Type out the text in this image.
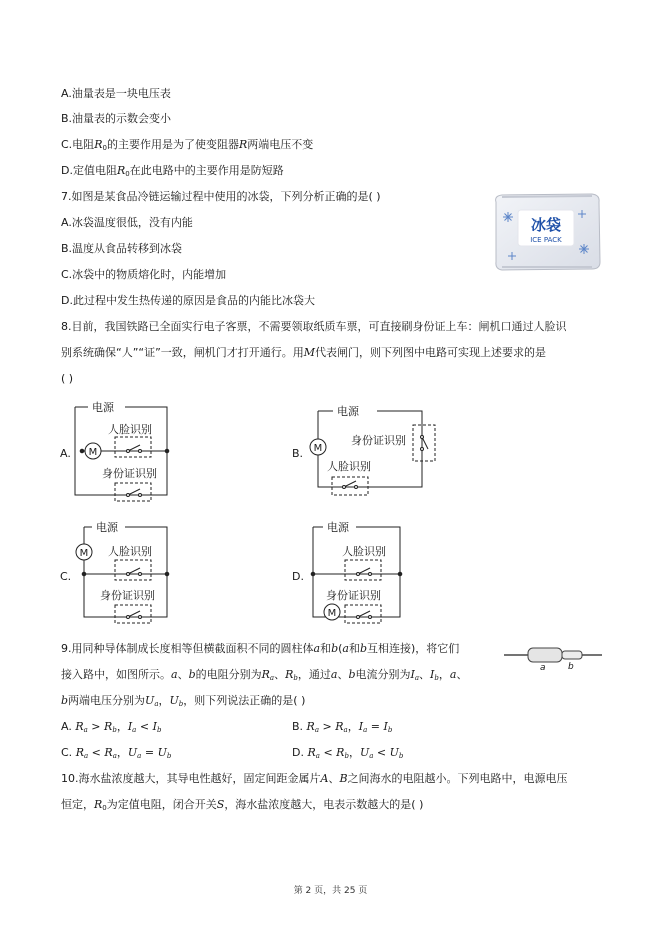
A.油量表是一块电压表
B.油量表的示数会变小
C.电阻R0的主要作用是为了使变阻器R两端电压不变
D.定值电阻R0在此电路中的主要作用是防短路
7.如图是某食品冷链运输过程中使用的冰袋，下列分析正确的是( )
A.冰袋温度很低，没有内能
B.温度从食品转移到冰袋
C.冰袋中的物质熔化时，内能增加
D.此过程中发生热传递的原因是食品的内能比冰袋大
冰袋
ICE PACK
8.目前，我国铁路已全面实行电子客票，不需要领取纸质车票，可直接刷身份证上车：闸机口通过人脸识
别系统确保“人”“证”一致，闸机门才打开通行。用M代表闸门，则下列图中电路可实现上述要求的是
( )
A.	B.
C.	D.
电源	电源
电源	电源
人脸识别
身份证识别
身份证识别
人脸识别
人脸识别
身份证识别
人脸识别
身份证识别
M	M
M
M
9.用同种导体制成长度相等但横截面积不同的圆柱体a和b(a和b互相连接)，将它们
接入路中，如图所示。a、b的电阻分别为Ra、Rb，通过a、b电流分别为Ia、Ib，a、
b两端电压分别为Ua，Ub，则下列说法正确的是( )
a b
A. Ra > Rb，Ia < Ib	B. Ra > Ra，Ia = Ib
C. Ra < Ra，Ua = Ub	D. Ra < Rb，Ua < Ub
10.海水盐浓度越大，其导电性越好，固定间距金属片A、B之间海水的电阻越小。下列电路中，电源电压
恒定，R0为定值电阻，闭合开关S，海水盐浓度越大，电表示数越大的是( )
第 2 页，共 25 页
